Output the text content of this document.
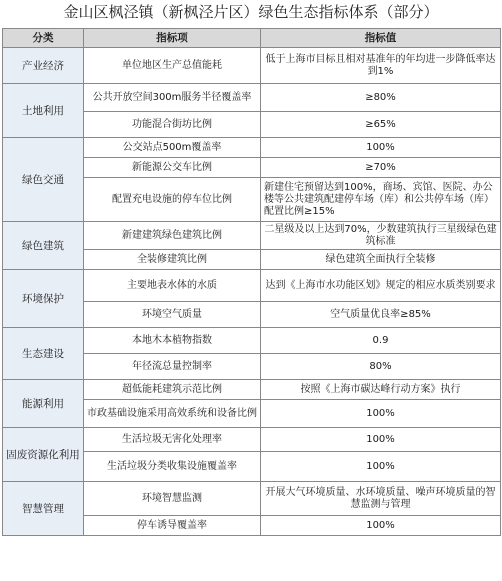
金山区枫泾镇（新枫泾片区）绿色生态指标体系（部分）
分类	指标项	指标值
产业经济	单位地区生产总值能耗	低于上海市目标且相对基准年的年均进一步降低率达到1%
土地利用	公共开放空间300m服务半径覆盖率	≥80%
	功能混合街坊比例	≥65%
绿色交通	公交站点500m覆盖率	100%
	新能源公交车比例	≥70%
	配置充电设施的停车位比例	新建住宅预留达到100%，商场、宾馆、医院、办公楼等公共建筑配建停车场（库）和公共停车场（库）配置比例≥15%
绿色建筑	新建建筑绿色建筑比例	二星级及以上达到70%，少数建筑执行三星级绿色建筑标准
	全装修建筑比例	绿色建筑全面执行全装修
环境保护	主要地表水体的水质	达到《上海市水功能区划》规定的相应水质类别要求
	环境空气质量	空气质量优良率≥85%
生态建设	本地木本植物指数	0.9
	年径流总量控制率	80%
能源利用	超低能耗建筑示范比例	按照《上海市碳达峰行动方案》执行
	市政基础设施采用高效系统和设备比例	100%
固废资源化利用	生活垃圾无害化处理率	100%
	生活垃圾分类收集设施覆盖率	100%
智慧管理	环境智慧监测	开展大气环境质量、水环境质量、噪声环境质量的智慧监测与管理
	停车诱导覆盖率	100%
